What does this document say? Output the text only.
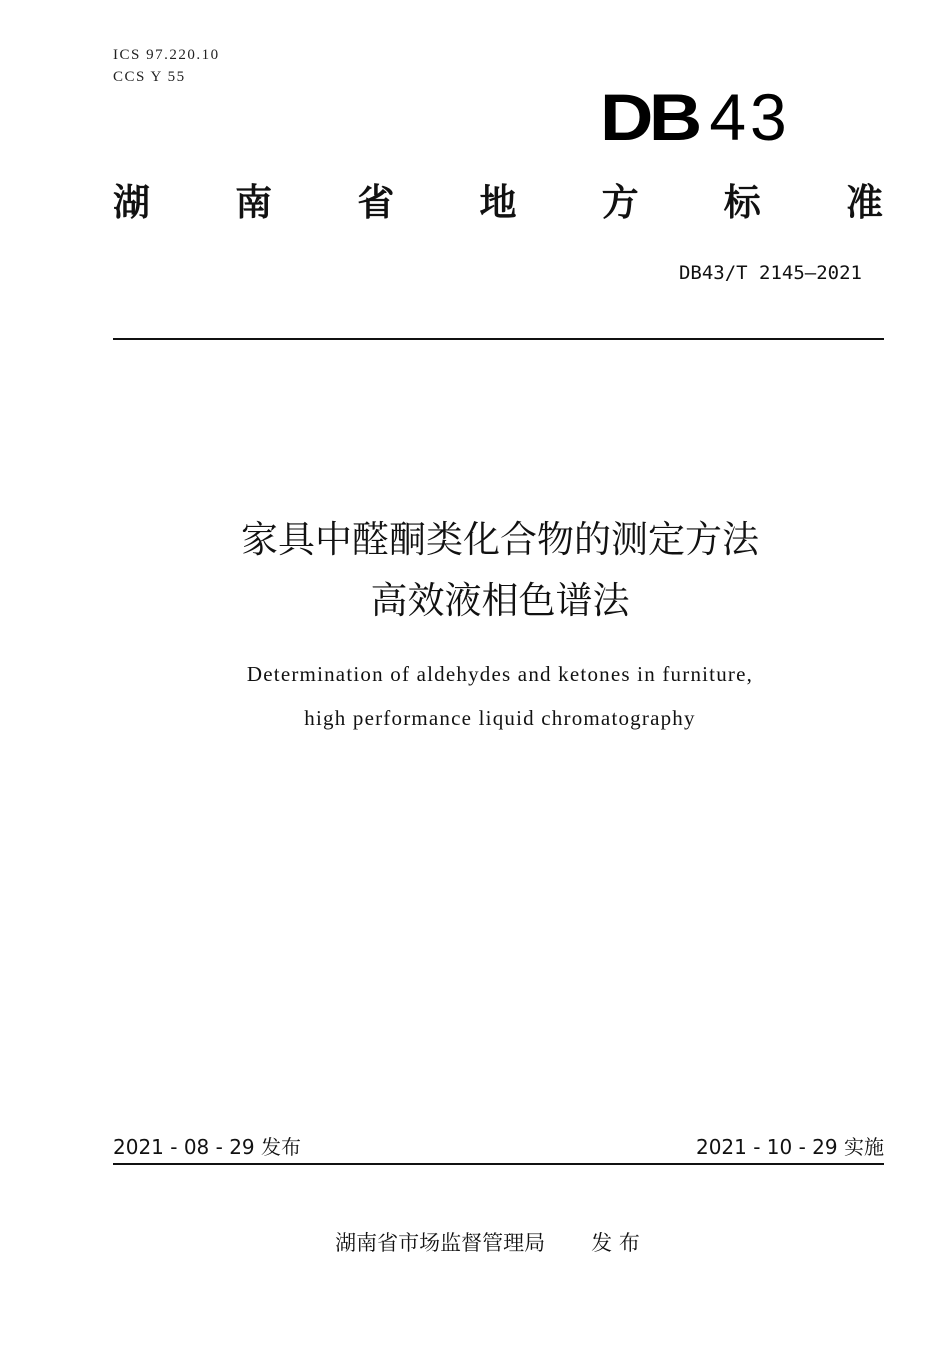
ICS 97.220.10
CCS Y 55
DB 43
湖 南 省 地 方 标 准
DB43/T 2145—2021
家具中醛酮类化合物的测定方法
高效液相色谱法
Determination of aldehydes and ketones in furniture,
high performance liquid chromatography
2021 - 08 - 29 发布	2021 - 10 - 29 实施
湖南省市场监督管理局 发 布
